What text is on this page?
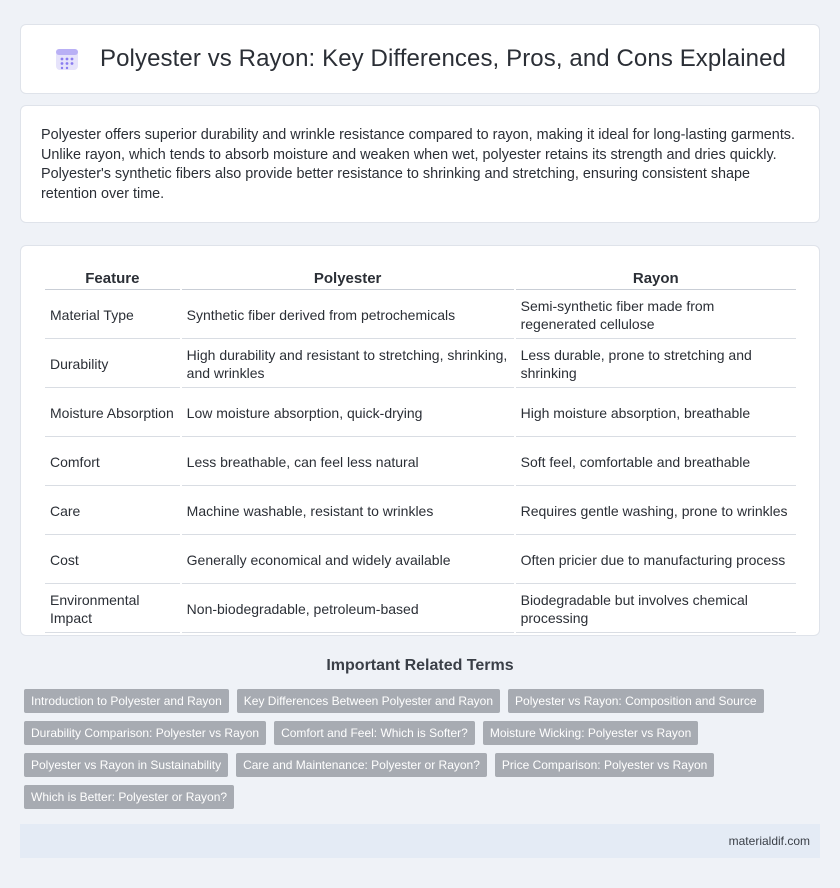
Polyester vs Rayon: Key Differences, Pros, and Cons Explained

Polyester offers superior durability and wrinkle resistance compared to rayon, making it ideal for long-lasting garments. Unlike rayon, which tends to absorb moisture and weaken when wet, polyester retains its strength and dries quickly. Polyester's synthetic fibers also provide better resistance to shrinking and stretching, ensuring consistent shape retention over time.

Feature	Polyester	Rayon
Material Type	Synthetic fiber derived from petrochemicals	Semi-synthetic fiber made from regenerated cellulose
Durability	High durability and resistant to stretching, shrinking, and wrinkles	Less durable, prone to stretching and shrinking
Moisture Absorption	Low moisture absorption, quick-drying	High moisture absorption, breathable
Comfort	Less breathable, can feel less natural	Soft feel, comfortable and breathable
Care	Machine washable, resistant to wrinkles	Requires gentle washing, prone to wrinkles
Cost	Generally economical and widely available	Often pricier due to manufacturing process
Environmental Impact	Non-biodegradable, petroleum-based	Biodegradable but involves chemical processing
Important Related Terms
Introduction to Polyester and Rayon	Key Differences Between Polyester and Rayon	Polyester vs Rayon: Composition and Source
Durability Comparison: Polyester vs Rayon	Comfort and Feel: Which is Softer?	Moisture Wicking: Polyester vs Rayon
Polyester vs Rayon in Sustainability	Care and Maintenance: Polyester or Rayon?	Price Comparison: Polyester vs Rayon
Which is Better: Polyester or Rayon?
materialdif.com
